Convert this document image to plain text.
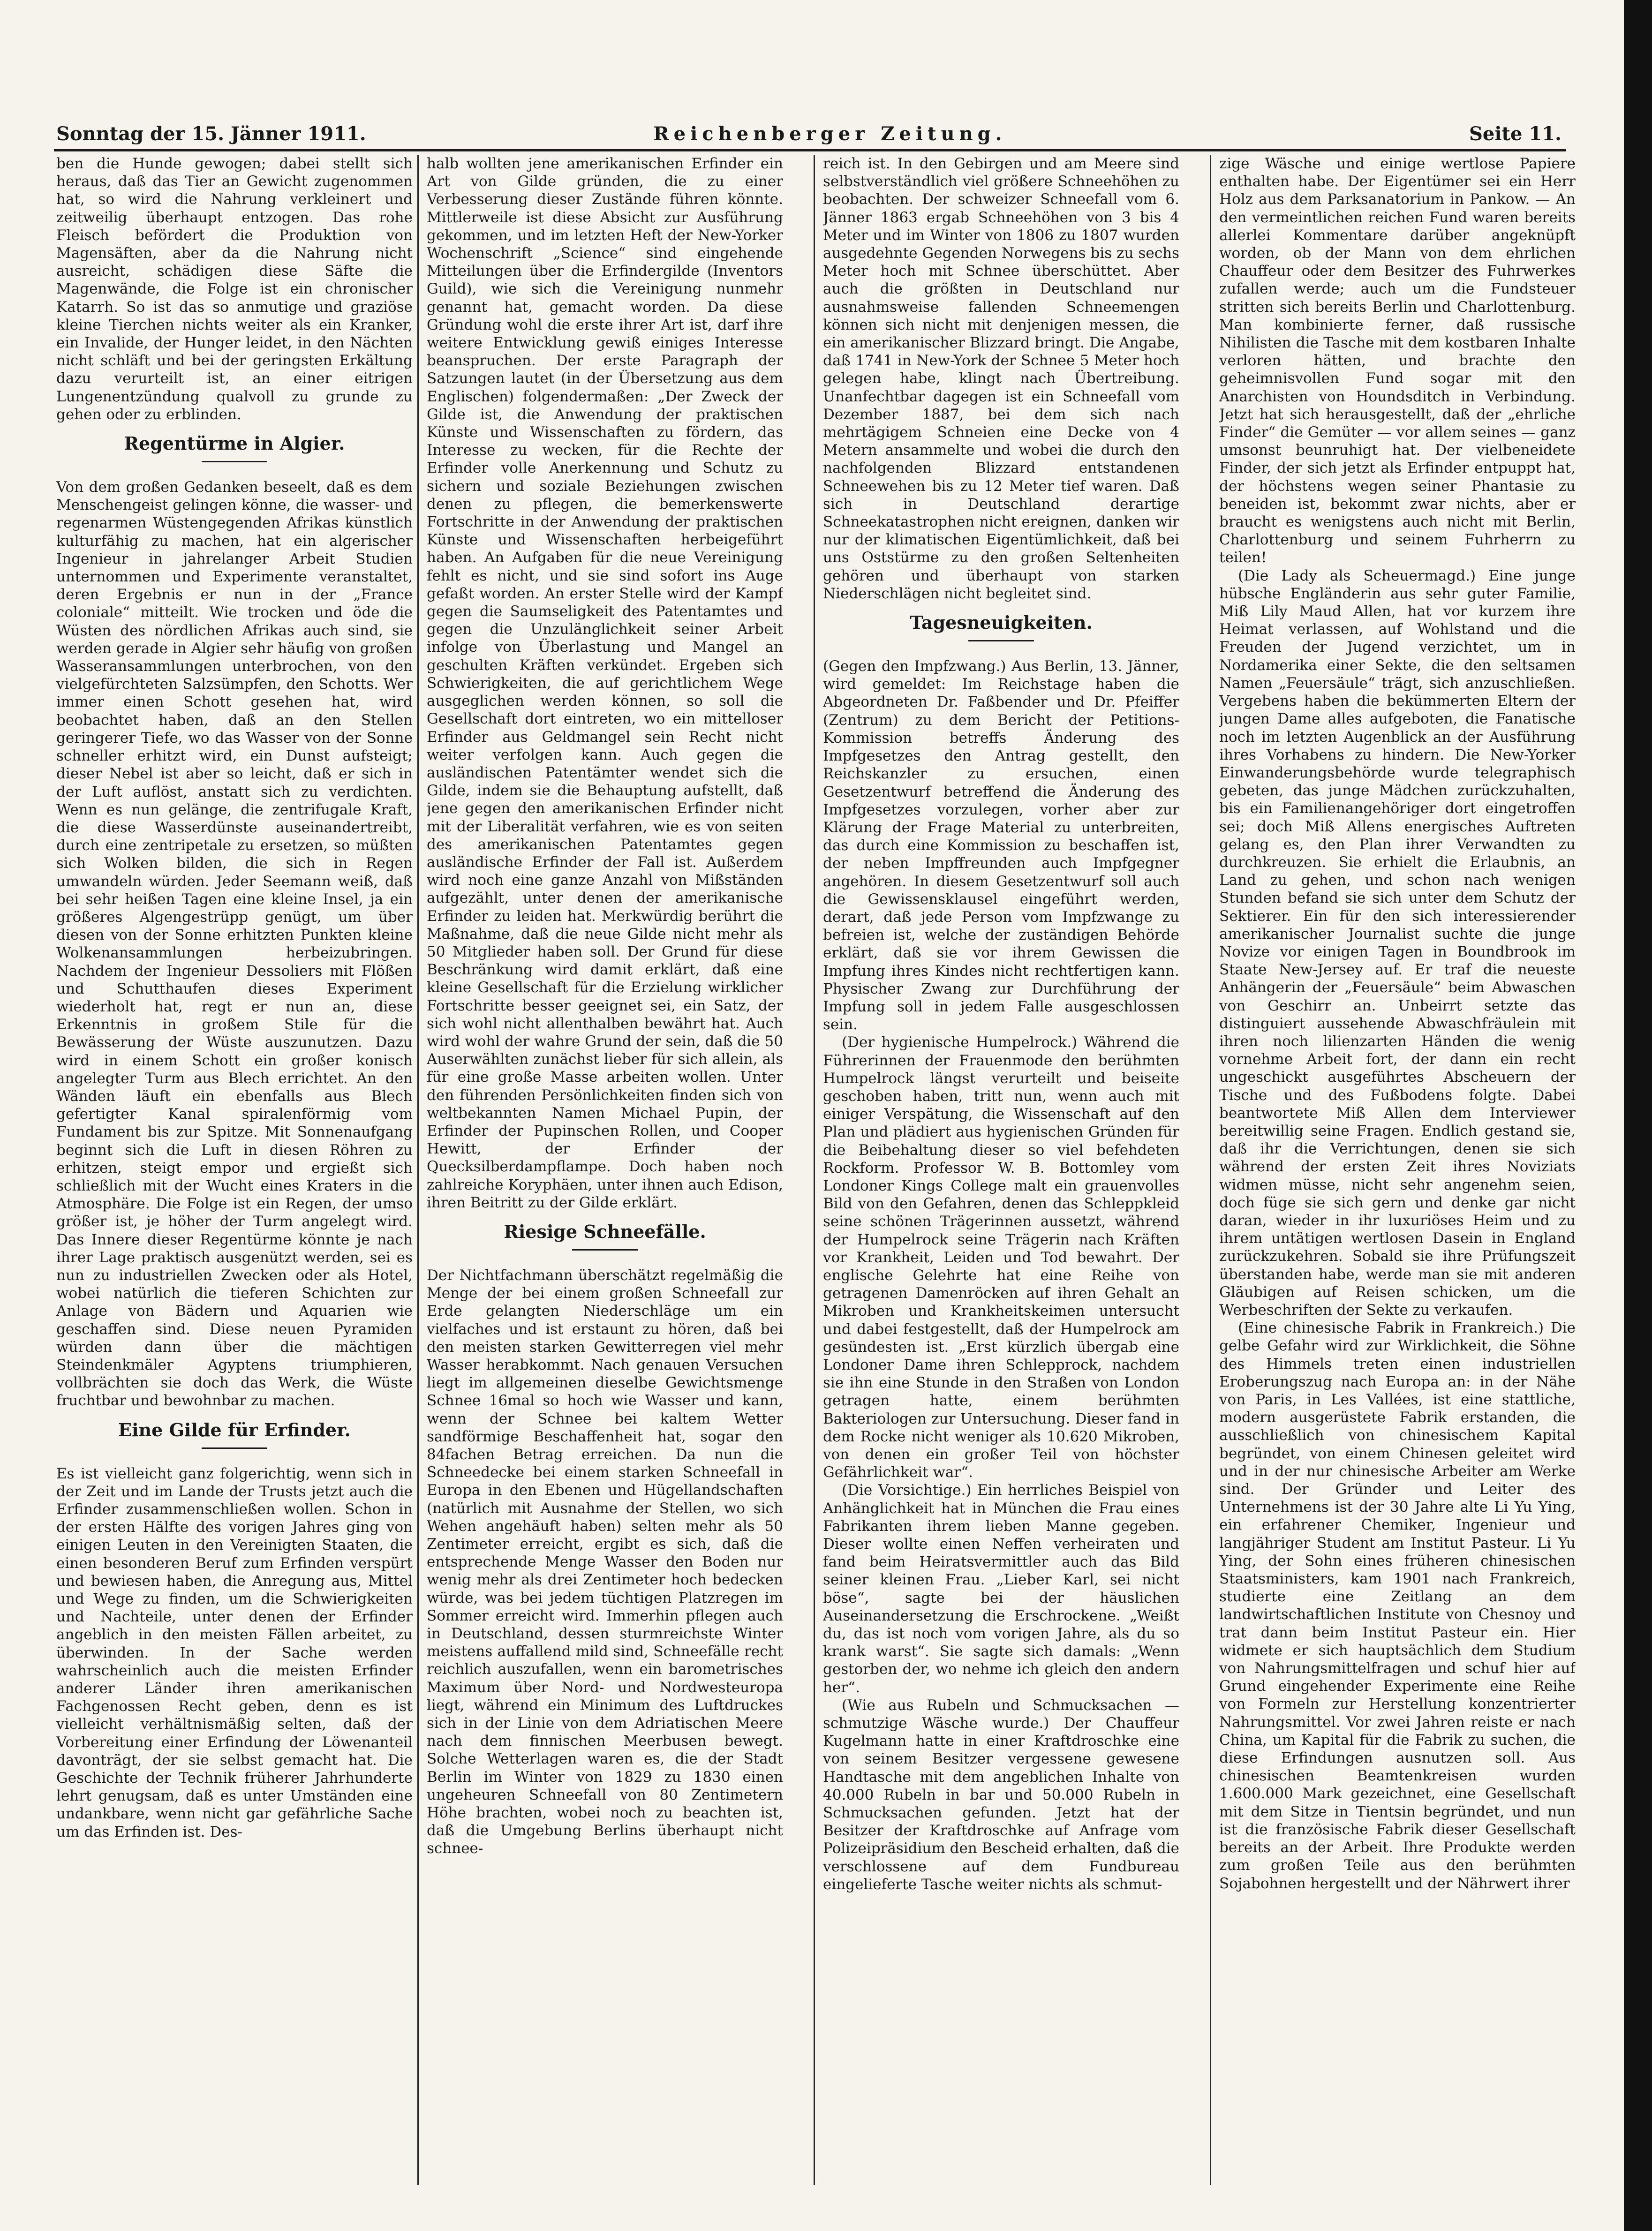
Sonntag der 15. Jänner 1911.	Reichenberger Zeitung.	Seite 11.

ben die Hunde gewogen; dabei stellt sich heraus, daß das Tier an Gewicht zugenommen hat, so wird die Nahrung verkleinert und zeitweilig überhaupt entzogen. Das rohe Fleisch befördert die Produktion von Magensäften, aber da die Nahrung nicht ausreicht, schädigen diese Säfte die Magenwände, die Folge ist ein chronischer Katarrh. So ist das so anmutige und graziöse kleine Tierchen nichts weiter als ein Kranker, ein Invalide, der Hunger leidet, in den Nächten nicht schläft und bei der geringsten Erkältung dazu verurteilt ist, an einer eitrigen Lungenentzündung qualvoll zu grunde zu gehen oder zu erblinden.

Regentürme in Algier.

Von dem großen Gedanken beseelt, daß es dem Menschengeist gelingen könne, die wasser- und regenarmen Wüstengegenden Afrikas künstlich kulturfähig zu machen, hat ein algerischer Ingenieur in jahrelanger Arbeit Studien unternommen und Experimente veranstaltet, deren Ergebnis er nun in der „France coloniale“ mitteilt. Wie trocken und öde die Wüsten des nördlichen Afrikas auch sind, sie werden gerade in Algier sehr häufig von großen Wasseransammlungen unterbrochen, von den vielgefürchteten Salzsümpfen, den Schotts. Wer immer einen Schott gesehen hat, wird beobachtet haben, daß an den Stellen geringerer Tiefe, wo das Wasser von der Sonne schneller erhitzt wird, ein Dunst aufsteigt; dieser Nebel ist aber so leicht, daß er sich in der Luft auflöst, anstatt sich zu verdichten. Wenn es nun gelänge, die zentrifugale Kraft, die diese Wasserdünste auseinandertreibt, durch eine zentripetale zu ersetzen, so müßten sich Wolken bilden, die sich in Regen umwandeln würden. Jeder Seemann weiß, daß bei sehr heißen Tagen eine kleine Insel, ja ein größeres Algengestrüpp genügt, um über diesen von der Sonne erhitzten Punkten kleine Wolkenansammlungen herbeizubringen. Nachdem der Ingenieur Dessoliers mit Flößen und Schutthaufen dieses Experiment wiederholt hat, regt er nun an, diese Erkenntnis in großem Stile für die Bewässerung der Wüste auszunutzen. Dazu wird in einem Schott ein großer konisch angelegter Turm aus Blech errichtet. An den Wänden läuft ein ebenfalls aus Blech gefertigter Kanal spiralenförmig vom Fundament bis zur Spitze. Mit Sonnenaufgang beginnt sich die Luft in diesen Röhren zu erhitzen, steigt empor und ergießt sich schließlich mit der Wucht eines Kraters in die Atmosphäre. Die Folge ist ein Regen, der umso größer ist, je höher der Turm angelegt wird. Das Innere dieser Regentürme könnte je nach ihrer Lage praktisch ausgenützt werden, sei es nun zu industriellen Zwecken oder als Hotel, wobei natürlich die tieferen Schichten zur Anlage von Bädern und Aquarien wie geschaffen sind. Diese neuen Pyramiden würden dann über die mächtigen Steindenkmäler Agyptens triumphieren, vollbrächten sie doch das Werk, die Wüste fruchtbar und bewohnbar zu machen.

Eine Gilde für Erfinder.

Es ist vielleicht ganz folgerichtig, wenn sich in der Zeit und im Lande der Trusts jetzt auch die Erfinder zusammenschließen wollen. Schon in der ersten Hälfte des vorigen Jahres ging von einigen Leuten in den Vereinigten Staaten, die einen besonderen Beruf zum Erfinden verspürt und bewiesen haben, die Anregung aus, Mittel und Wege zu finden, um die Schwierigkeiten und Nachteile, unter denen der Erfinder angeblich in den meisten Fällen arbeitet, zu überwinden. In der Sache werden wahrscheinlich auch die meisten Erfinder anderer Länder ihren amerikanischen Fachgenossen Recht geben, denn es ist vielleicht verhältnismäßig selten, daß der Vorbereitung einer Erfindung der Löwenanteil davonträgt, der sie selbst gemacht hat. Die Geschichte der Technik früherer Jahrhunderte lehrt genugsam, daß es unter Umständen eine undankbare, wenn nicht gar gefährliche Sache um das Erfinden ist. Des-

halb wollten jene amerikanischen Erfinder ein Art von Gilde gründen, die zu einer Verbesserung dieser Zustände führen könnte. Mittlerweile ist diese Absicht zur Ausführung gekommen, und im letzten Heft der New-Yorker Wochenschrift „Science“ sind eingehende Mitteilungen über die Erfindergilde (Inventors Guild), wie sich die Vereinigung nunmehr genannt hat, gemacht worden. Da diese Gründung wohl die erste ihrer Art ist, darf ihre weitere Entwicklung gewiß einiges Interesse beanspruchen. Der erste Paragraph der Satzungen lautet (in der Übersetzung aus dem Englischen) folgendermaßen: „Der Zweck der Gilde ist, die Anwendung der praktischen Künste und Wissenschaften zu fördern, das Interesse zu wecken, für die Rechte der Erfinder volle Anerkennung und Schutz zu sichern und soziale Beziehungen zwischen denen zu pflegen, die bemerkenswerte Fortschritte in der Anwendung der praktischen Künste und Wissenschaften herbeigeführt haben. An Aufgaben für die neue Vereinigung fehlt es nicht, und sie sind sofort ins Auge gefaßt worden. An erster Stelle wird der Kampf gegen die Saumseligkeit des Patentamtes und gegen die Unzulänglichkeit seiner Arbeit infolge von Überlastung und Mangel an geschulten Kräften verkündet. Ergeben sich Schwierigkeiten, die auf gerichtlichem Wege ausgeglichen werden können, so soll die Gesellschaft dort eintreten, wo ein mittelloser Erfinder aus Geldmangel sein Recht nicht weiter verfolgen kann. Auch gegen die ausländischen Patentämter wendet sich die Gilde, indem sie die Behauptung aufstellt, daß jene gegen den amerikanischen Erfinder nicht mit der Liberalität verfahren, wie es von seiten des amerikanischen Patentamtes gegen ausländische Erfinder der Fall ist. Außerdem wird noch eine ganze Anzahl von Mißständen aufgezählt, unter denen der amerikanische Erfinder zu leiden hat. Merkwürdig berührt die Maßnahme, daß die neue Gilde nicht mehr als 50 Mitglieder haben soll. Der Grund für diese Beschränkung wird damit erklärt, daß eine kleine Gesellschaft für die Erzielung wirklicher Fortschritte besser geeignet sei, ein Satz, der sich wohl nicht allenthalben bewährt hat. Auch wird wohl der wahre Grund der sein, daß die 50 Auserwählten zunächst lieber für sich allein, als für eine große Masse arbeiten wollen. Unter den führenden Persönlichkeiten finden sich von weltbekannten Namen Michael Pupin, der Erfinder der Pupinschen Rollen, und Cooper Hewitt, der Erfinder der Quecksilberdampflampe. Doch haben noch zahlreiche Koryphäen, unter ihnen auch Edison, ihren Beitritt zu der Gilde erklärt.

Riesige Schneefälle.

Der Nichtfachmann überschätzt regelmäßig die Menge der bei einem großen Schneefall zur Erde gelangten Niederschläge um ein vielfaches und ist erstaunt zu hören, daß bei den meisten starken Gewitterregen viel mehr Wasser herabkommt. Nach genauen Versuchen liegt im allgemeinen dieselbe Gewichtsmenge Schnee 16mal so hoch wie Wasser und kann, wenn der Schnee bei kaltem Wetter sandförmige Beschaffenheit hat, sogar den 84fachen Betrag erreichen. Da nun die Schneedecke bei einem starken Schneefall in Europa in den Ebenen und Hügellandschaften (natürlich mit Ausnahme der Stellen, wo sich Wehen angehäuft haben) selten mehr als 50 Zentimeter erreicht, ergibt es sich, daß die entsprechende Menge Wasser den Boden nur wenig mehr als drei Zentimeter hoch bedecken würde, was bei jedem tüchtigen Platzregen im Sommer erreicht wird. Immerhin pflegen auch in Deutschland, dessen sturmreichste Winter meistens auffallend mild sind, Schneefälle recht reichlich auszufallen, wenn ein barometrisches Maximum über Nord- und Nordwesteuropa liegt, während ein Minimum des Luftdruckes sich in der Linie von dem Adriatischen Meere nach dem finnischen Meerbusen bewegt. Solche Wetterlagen waren es, die der Stadt Berlin im Winter von 1829 zu 1830 einen ungeheuren Schneefall von 80 Zentimetern Höhe brachten, wobei noch zu beachten ist, daß die Umgebung Berlins überhaupt nicht schnee-

reich ist. In den Gebirgen und am Meere sind selbstverständlich viel größere Schneehöhen zu beobachten. Der schweizer Schneefall vom 6. Jänner 1863 ergab Schneehöhen von 3 bis 4 Meter und im Winter von 1806 zu 1807 wurden ausgedehnte Gegenden Norwegens bis zu sechs Meter hoch mit Schnee überschüttet. Aber auch die größten in Deutschland nur ausnahmsweise fallenden Schneemengen können sich nicht mit denjenigen messen, die ein amerikanischer Blizzard bringt. Die Angabe, daß 1741 in New-York der Schnee 5 Meter hoch gelegen habe, klingt nach Übertreibung. Unanfechtbar dagegen ist ein Schneefall vom Dezember 1887, bei dem sich nach mehrtägigem Schneien eine Decke von 4 Metern ansammelte und wobei die durch den nachfolgenden Blizzard entstandenen Schneewehen bis zu 12 Meter tief waren. Daß sich in Deutschland derartige Schneekatastrophen nicht ereignen, danken wir nur der klimatischen Eigentümlichkeit, daß bei uns Oststürme zu den großen Seltenheiten gehören und überhaupt von starken Niederschlägen nicht begleitet sind.

Tagesneuigkeiten.

(Gegen den Impfzwang.) Aus Berlin, 13. Jänner, wird gemeldet: Im Reichstage haben die Abgeordneten Dr. Faßbender und Dr. Pfeiffer (Zentrum) zu dem Bericht der Petitions-Kommission betreffs Änderung des Impfgesetzes den Antrag gestellt, den Reichskanzler zu ersuchen, einen Gesetzentwurf betreffend die Änderung des Impfgesetzes vorzulegen, vorher aber zur Klärung der Frage Material zu unterbreiten, das durch eine Kommission zu beschaffen ist, der neben Impffreunden auch Impfgegner angehören. In diesem Gesetzentwurf soll auch die Gewissensklausel eingeführt werden, derart, daß jede Person vom Impfzwange zu befreien ist, welche der zuständigen Behörde erklärt, daß sie vor ihrem Gewissen die Impfung ihres Kindes nicht rechtfertigen kann. Physischer Zwang zur Durchführung der Impfung soll in jedem Falle ausgeschlossen sein.

(Der hygienische Humpelrock.) Während die Führerinnen der Frauenmode den berühmten Humpelrock längst verurteilt und beiseite geschoben haben, tritt nun, wenn auch mit einiger Verspätung, die Wissenschaft auf den Plan und plädiert aus hygienischen Gründen für die Beibehaltung dieser so viel befehdeten Rockform. Professor W. B. Bottomley vom Londoner Kings College malt ein grauenvolles Bild von den Gefahren, denen das Schleppkleid seine schönen Trägerinnen aussetzt, während der Humpelrock seine Trägerin nach Kräften vor Krankheit, Leiden und Tod bewahrt. Der englische Gelehrte hat eine Reihe von getragenen Damenröcken auf ihren Gehalt an Mikroben und Krankheitskeimen untersucht und dabei festgestellt, daß der Humpelrock am gesündesten ist. „Erst kürzlich übergab eine Londoner Dame ihren Schlepprock, nachdem sie ihn eine Stunde in den Straßen von London getragen hatte, einem berühmten Bakteriologen zur Untersuchung. Dieser fand in dem Rocke nicht weniger als 10.620 Mikroben, von denen ein großer Teil von höchster Gefährlichkeit war“.

(Die Vorsichtige.) Ein herrliches Beispiel von Anhänglichkeit hat in München die Frau eines Fabrikanten ihrem lieben Manne gegeben. Dieser wollte einen Neffen verheiraten und fand beim Heiratsvermittler auch das Bild seiner kleinen Frau. „Lieber Karl, sei nicht böse“, sagte bei der häuslichen Auseinandersetzung die Erschrockene. „Weißt du, das ist noch vom vorigen Jahre, als du so krank warst“. Sie sagte sich damals: „Wenn gestorben der, wo nehme ich gleich den andern her“.

(Wie aus Rubeln und Schmucksachen — schmutzige Wäsche wurde.) Der Chauffeur Kugelmann hatte in einer Kraftdroschke eine von seinem Besitzer vergessene gewesene Handtasche mit dem angeblichen Inhalte von 40.000 Rubeln in bar und 50.000 Rubeln in Schmucksachen gefunden. Jetzt hat der Besitzer der Kraftdroschke auf Anfrage vom Polizeipräsidium den Bescheid erhalten, daß die verschlossene auf dem Fundbureau eingelieferte Tasche weiter nichts als schmut-

zige Wäsche und einige wertlose Papiere enthalten habe. Der Eigentümer sei ein Herr Holz aus dem Parksanatorium in Pankow. — An den vermeintlichen reichen Fund waren bereits allerlei Kommentare darüber angeknüpft worden, ob der Mann von dem ehrlichen Chauffeur oder dem Besitzer des Fuhrwerkes zufallen werde; auch um die Fundsteuer stritten sich bereits Berlin und Charlottenburg. Man kombinierte ferner, daß russische Nihilisten die Tasche mit dem kostbaren Inhalte verloren hätten, und brachte den geheimnisvollen Fund sogar mit den Anarchisten von Houndsditch in Verbindung. Jetzt hat sich herausgestellt, daß der „ehrliche Finder“ die Gemüter — vor allem seines — ganz umsonst beunruhigt hat. Der vielbeneidete Finder, der sich jetzt als Erfinder entpuppt hat, der höchstens wegen seiner Phantasie zu beneiden ist, bekommt zwar nichts, aber er braucht es wenigstens auch nicht mit Berlin, Charlottenburg und seinem Fuhrherrn zu teilen!

(Die Lady als Scheuermagd.) Eine junge hübsche Engländerin aus sehr guter Familie, Miß Lily Maud Allen, hat vor kurzem ihre Heimat verlassen, auf Wohlstand und die Freuden der Jugend verzichtet, um in Nordamerika einer Sekte, die den seltsamen Namen „Feuersäule“ trägt, sich anzuschließen. Vergebens haben die bekümmerten Eltern der jungen Dame alles aufgeboten, die Fanatische noch im letzten Augenblick an der Ausführung ihres Vorhabens zu hindern. Die New-Yorker Einwanderungsbehörde wurde telegraphisch gebeten, das junge Mädchen zurückzuhalten, bis ein Familienangehöriger dort eingetroffen sei; doch Miß Allens energisches Auftreten gelang es, den Plan ihrer Verwandten zu durchkreuzen. Sie erhielt die Erlaubnis, an Land zu gehen, und schon nach wenigen Stunden befand sie sich unter dem Schutz der Sektierer. Ein für den sich interessierender amerikanischer Journalist suchte die junge Novize vor einigen Tagen in Boundbrook im Staate New-Jersey auf. Er traf die neueste Anhängerin der „Feuersäule“ beim Abwaschen von Geschirr an. Unbeirrt setzte das distinguiert aussehende Abwaschfräulein mit ihren noch lilienzarten Händen die wenig vornehme Arbeit fort, der dann ein recht ungeschickt ausgeführtes Abscheuern der Tische und des Fußbodens folgte. Dabei beantwortete Miß Allen dem Interviewer bereitwillig seine Fragen. Endlich gestand sie, daß ihr die Verrichtungen, denen sie sich während der ersten Zeit ihres Noviziats widmen müsse, nicht sehr angenehm seien, doch füge sie sich gern und denke gar nicht daran, wieder in ihr luxuriöses Heim und zu ihrem untätigen wertlosen Dasein in England zurückzukehren. Sobald sie ihre Prüfungszeit überstanden habe, werde man sie mit anderen Gläubigen auf Reisen schicken, um die Werbeschriften der Sekte zu verkaufen.

(Eine chinesische Fabrik in Frankreich.) Die gelbe Gefahr wird zur Wirklichkeit, die Söhne des Himmels treten einen industriellen Eroberungszug nach Europa an: in der Nähe von Paris, in Les Vallées, ist eine stattliche, modern ausgerüstete Fabrik erstanden, die ausschließlich von chinesischem Kapital begründet, von einem Chinesen geleitet wird und in der nur chinesische Arbeiter am Werke sind. Der Gründer und Leiter des Unternehmens ist der 30 Jahre alte Li Yu Ying, ein erfahrener Chemiker, Ingenieur und langjähriger Student am Institut Pasteur. Li Yu Ying, der Sohn eines früheren chinesischen Staatsministers, kam 1901 nach Frankreich, studierte eine Zeitlang an dem landwirtschaftlichen Institute von Chesnoy und trat dann beim Institut Pasteur ein. Hier widmete er sich hauptsächlich dem Studium von Nahrungsmittelfragen und schuf hier auf Grund eingehender Experimente eine Reihe von Formeln zur Herstellung konzentrierter Nahrungsmittel. Vor zwei Jahren reiste er nach China, um Kapital für die Fabrik zu suchen, die diese Erfindungen ausnutzen soll. Aus chinesischen Beamtenkreisen wurden 1.600.000 Mark gezeichnet, eine Gesellschaft mit dem Sitze in Tientsin begründet, und nun ist die französische Fabrik dieser Gesellschaft bereits an der Arbeit. Ihre Produkte werden zum großen Teile aus den berühmten Sojabohnen hergestellt und der Nährwert ihrer
